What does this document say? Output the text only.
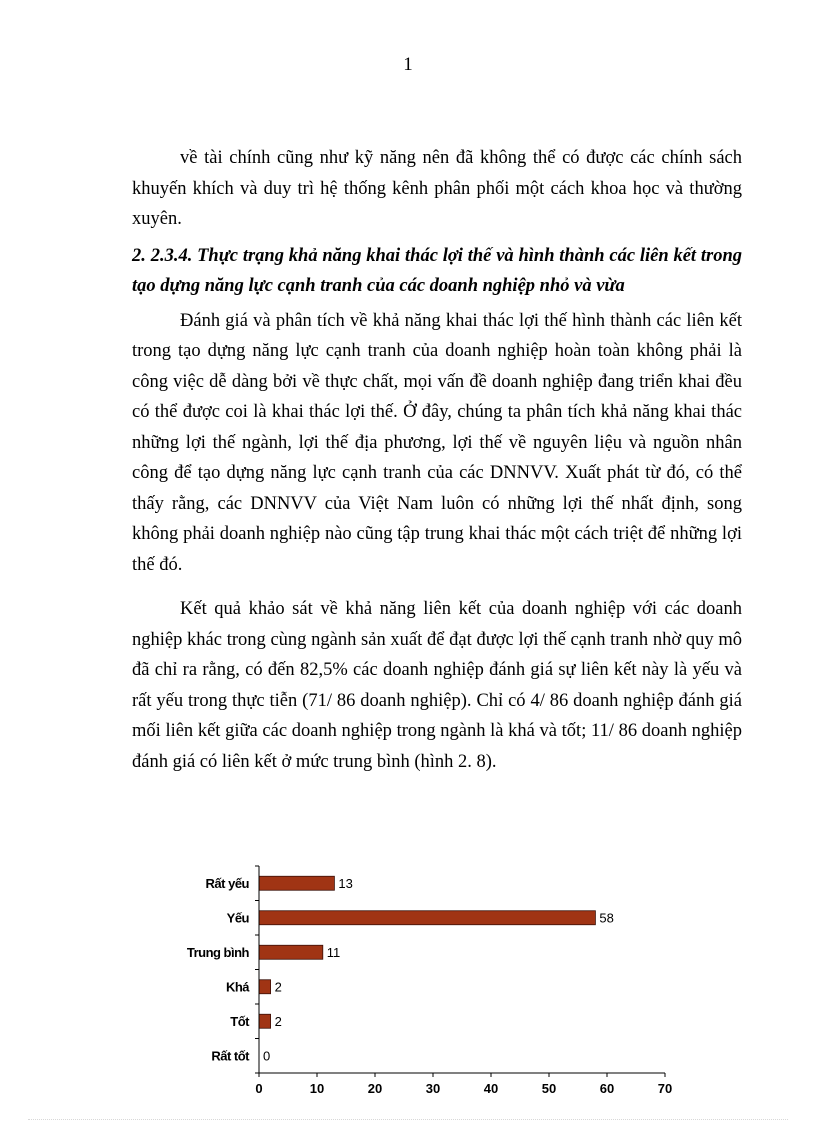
1

về tài chính cũng như kỹ năng nên đã không thể có được các chính sách khuyến khích và duy trì hệ thống kênh phân phối một cách khoa học và thường xuyên.

2. 2.3.4. Thực trạng khả năng khai thác lợi thế và hình thành các liên kết trong tạo dựng năng lực cạnh tranh của các doanh nghiệp nhỏ và vừa

Đánh giá và phân tích về khả năng khai thác lợi thế hình thành các liên kết trong tạo dựng năng lực cạnh tranh của doanh nghiệp hoàn toàn không phải là công việc dễ dàng bởi về thực chất, mọi vấn đề doanh nghiệp đang triển khai đều có thể được coi là khai thác lợi thế. Ở đây, chúng ta phân tích khả năng khai thác những lợi thế ngành, lợi thế địa phương, lợi thế về nguyên liệu và nguồn nhân công để tạo dựng năng lực cạnh tranh của các DNNVV. Xuất phát từ đó, có thể thấy rằng, các DNNVV của Việt Nam luôn có những lợi thế nhất định, song không phải doanh nghiệp nào cũng tập trung khai thác một cách triệt để những lợi thế đó.

Kết quả khảo sát về khả năng liên kết của doanh nghiệp với các doanh nghiệp khác trong cùng ngành sản xuất để đạt được lợi thế cạnh tranh nhờ quy mô đã chỉ ra rằng, có đến 82,5% các doanh nghiệp đánh giá sự liên kết này là yếu và rất yếu trong thực tiễn (71/ 86 doanh nghiệp). Chỉ có 4/ 86 doanh nghiệp đánh giá mối liên kết giữa các doanh nghiệp trong ngành là khá và tốt; 11/ 86 doanh nghiệp đánh giá có liên kết ở mức trung bình (hình 2. 8).

Rất yếu	13
Yếu	58
Trung bình	11
Khá 2
Tốt 2
Rất tốt 0
0	10	20	30	40	50	60	70
